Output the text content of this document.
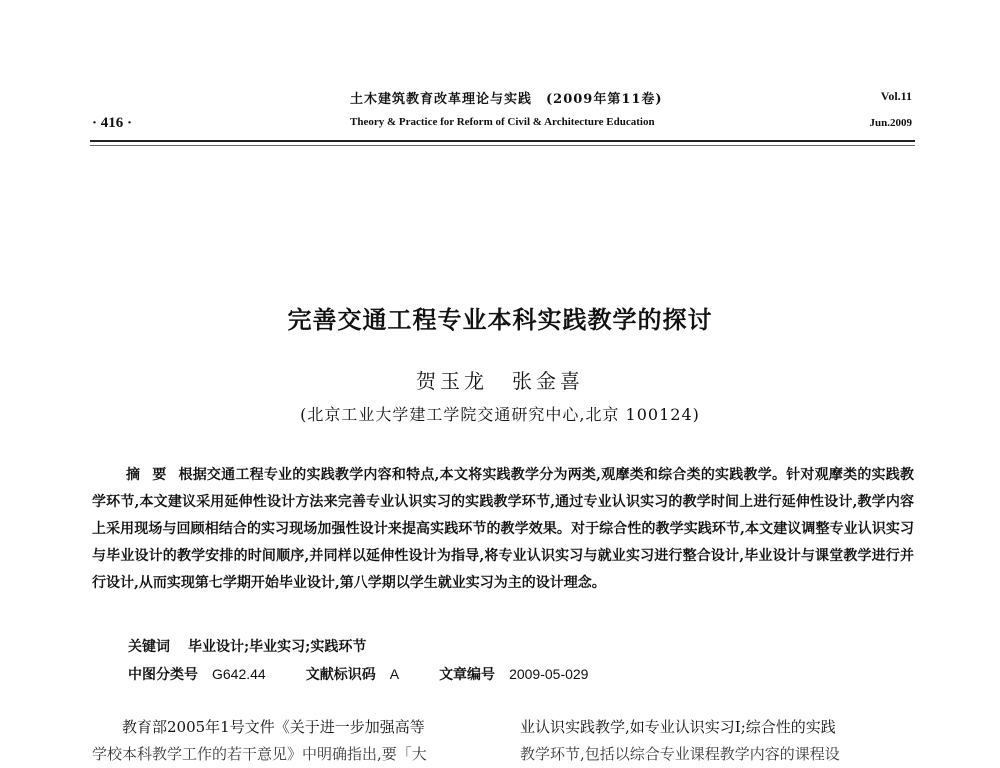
· 416 ·
土木建筑教育改革理论与实践　(2009年第11卷)
Theory & Practice for Reform of Civil & Architecture Education
Vol.11
Jun.2009
完善交通工程专业本科实践教学的探讨
贺玉龙　张金喜
(北京工业大学建工学院交通研究中心,北京 100124)
摘要根据交通工程专业的实践教学内容和特点,本文将实践教学分为两类,观摩类和综合类的实践教学。针对观摩类的实践教学环节,本文建议采用延伸性设计方法来完善专业认识实习的实践教学环节,通过专业认识实习的教学时间上进行延伸性设计,教学内容上采用现场与回顾相结合的实习现场加强性设计来提高实践环节的教学效果。对于综合性的教学实践环节,本文建议调整专业认识实习与毕业设计的教学安排的时间顺序,并同样以延伸性设计为指导,将专业认识实习与就业实习进行整合设计,毕业设计与课堂教学进行并行设计,从而实现第七学期开始毕业设计,第八学期以学生就业实习为主的设计理念。
关键词 毕业设计;毕业实习;实践环节
中图分类号 G642.44	文献标识码 A	文章编号 2009-05-029
教育部2005年1号文件《关于进一步加强高等
学校本科教学工作的若干意见》中明确指出,要「大
业认识实践教学,如专业认识实习Ⅰ;综合性的实践
教学环节,包括以综合专业课程教学内容的课程设
